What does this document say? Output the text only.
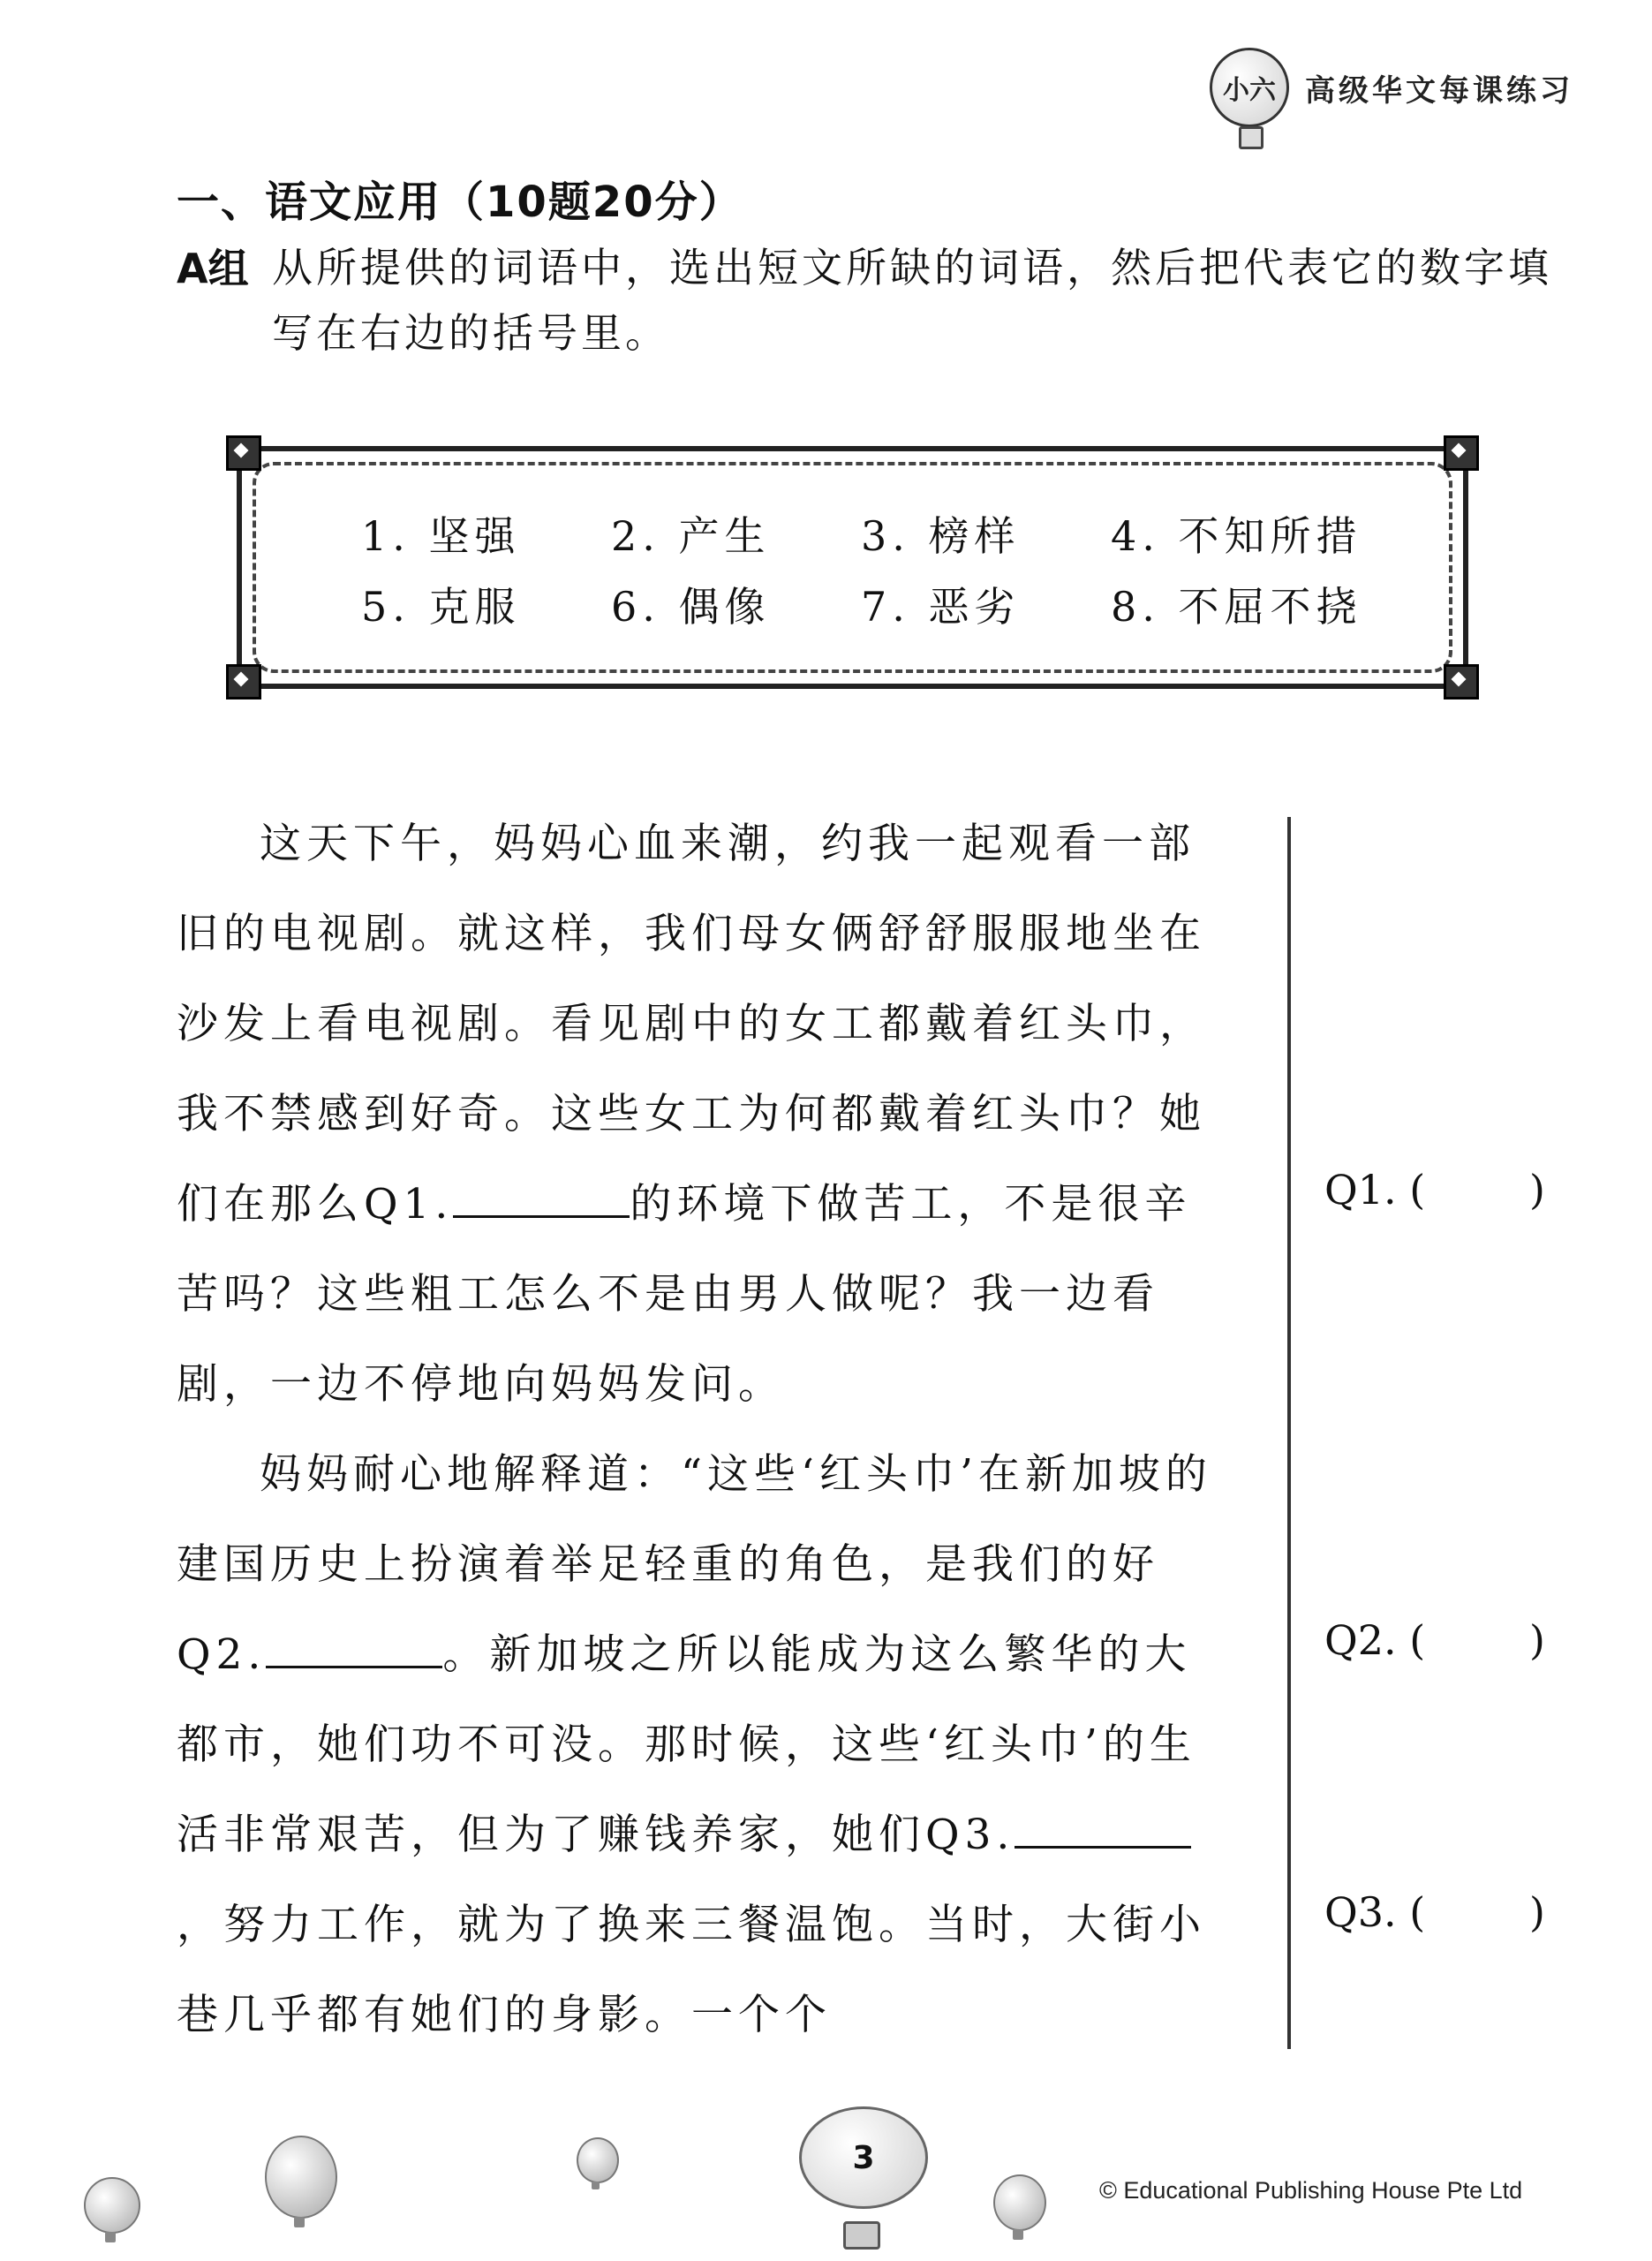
小六 高级华文每课练习
一、语文应用（10题20分）
A组 从所提供的词语中，选出短文所缺的词语，然后把代表它的数字填写在右边的括号里。
1. 坚强	2. 产生	3. 榜样	4. 不知所措
5. 克服	6. 偶像	7. 恶劣	8. 不屈不挠

这天下午，妈妈心血来潮，约我一起观看一部旧的电视剧。就这样，我们母女俩舒舒服服地坐在沙发上看电视剧。看见剧中的女工都戴着红头巾，我不禁感到好奇。这些女工为何都戴着红头巾？她们在那么Q1.	的环境下做苦工，不是很辛苦吗？这些粗工怎么不是由男人做呢？我一边看剧，一边不停地向妈妈发问。

妈妈耐心地解释道：“这些‘红头巾’在新加坡的建国历史上扮演着举足轻重的角色，是我们的好Q2.	。新加坡之所以能成为这么繁华的大都市，她们功不可没。那时候，这些‘红头巾’的生活非常艰苦，但为了赚钱养家，她们Q3.，努力工作，就为了换来三餐温饱。当时，大街小巷几乎都有她们的身影。一个个

Q1. (	)
Q2. (	)
Q3. (	)
3
© Educational Publishing House Pte Ltd
